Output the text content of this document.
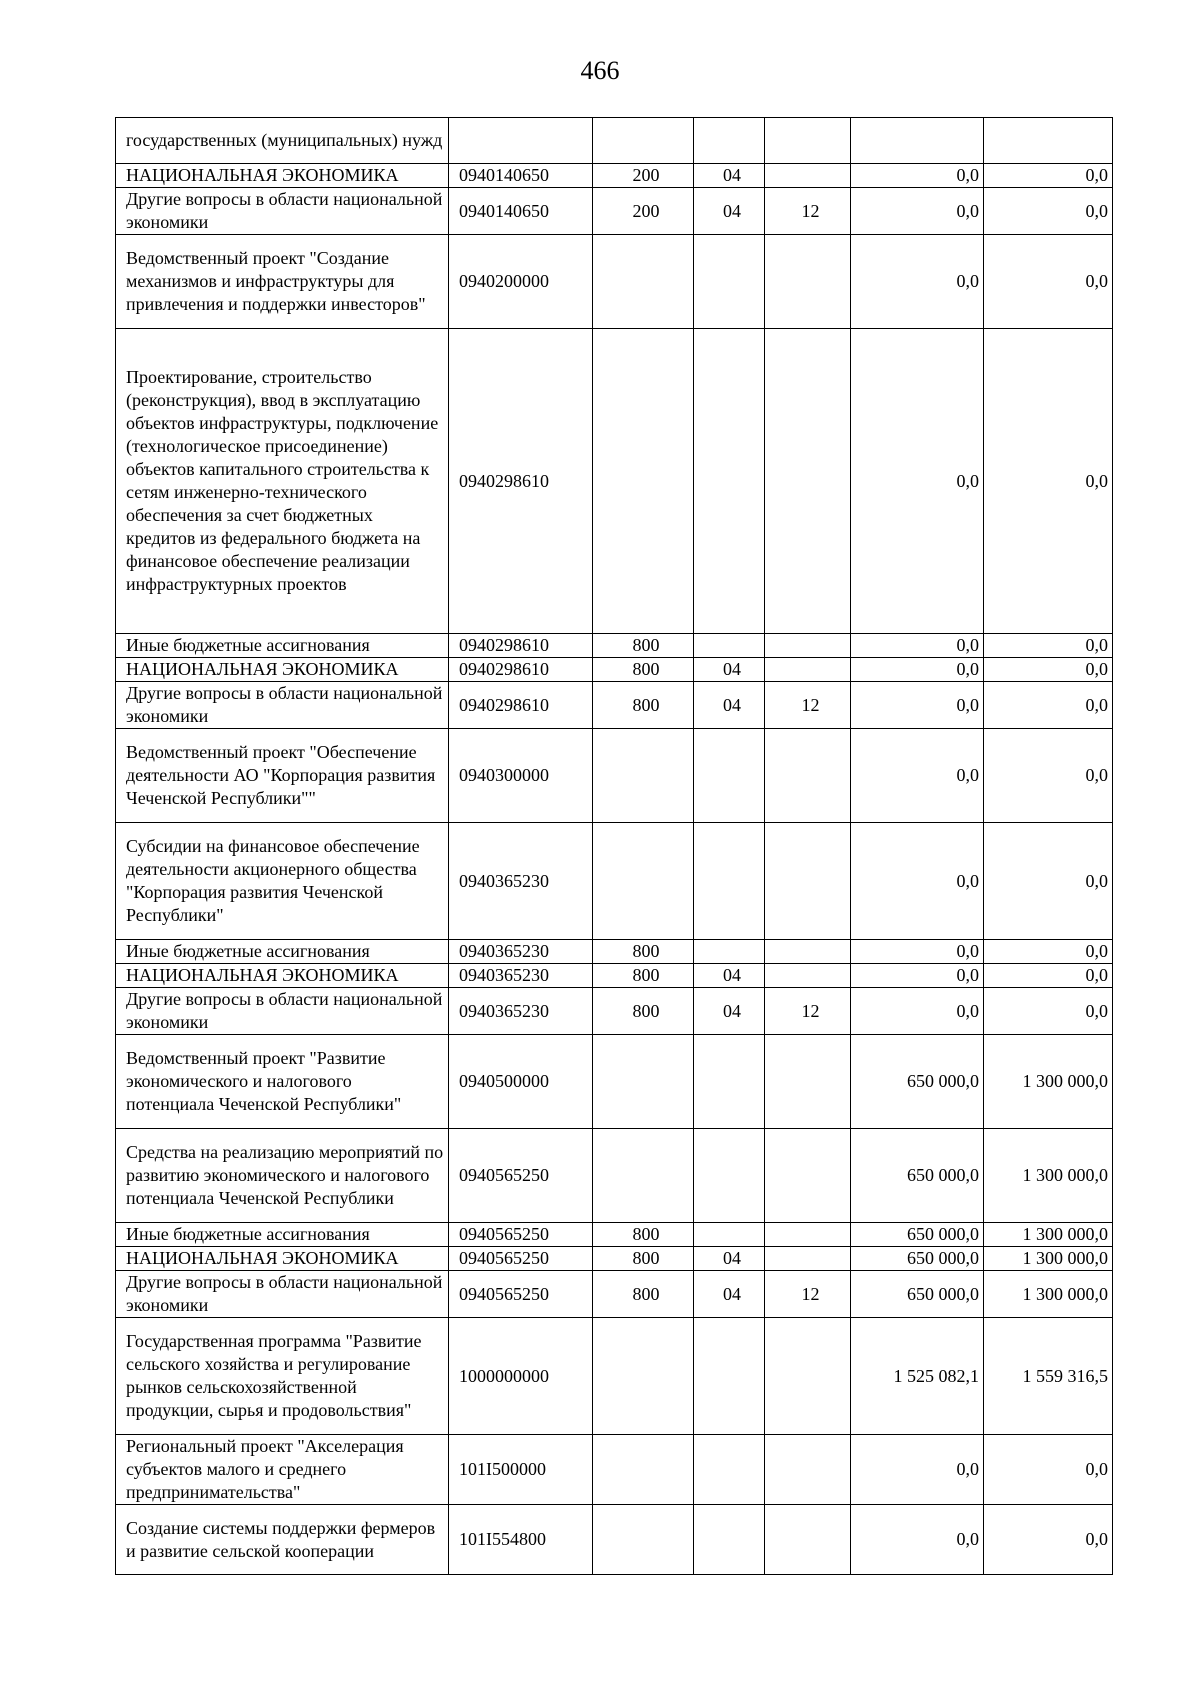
466
государственных (муниципальных) нужд						
НАЦИОНАЛЬНАЯ ЭКОНОМИКА	0940140650	200	04		0,0	0,0
Другие вопросы в области национальной экономики	0940140650	200	04	12	0,0	0,0
Ведомственный проект "Создание механизмов и инфраструктуры для привлечения и поддержки инвесторов"	0940200000				0,0	0,0
Проектирование, строительство (реконструкция), ввод в эксплуатацию объектов инфраструктуры, подключение (технологическое присоединение) объектов капитального строительства к сетям инженерно-технического обеспечения за счет бюджетных кредитов из федерального бюджета на финансовое обеспечение реализации инфраструктурных проектов	0940298610				0,0	0,0
Иные бюджетные ассигнования	0940298610	800			0,0	0,0
НАЦИОНАЛЬНАЯ ЭКОНОМИКА	0940298610	800	04		0,0	0,0
Другие вопросы в области национальной экономики	0940298610	800	04	12	0,0	0,0
Ведомственный проект "Обеспечение деятельности АО "Корпорация развития Чеченской Республики""	0940300000				0,0	0,0
Субсидии на финансовое обеспечение деятельности акционерного общества "Корпорация развития Чеченской Республики"	0940365230				0,0	0,0
Иные бюджетные ассигнования	0940365230	800			0,0	0,0
НАЦИОНАЛЬНАЯ ЭКОНОМИКА	0940365230	800	04		0,0	0,0
Другие вопросы в области национальной экономики	0940365230	800	04	12	0,0	0,0
Ведомственный проект "Развитие экономического и налогового потенциала Чеченской Республики"	0940500000				650 000,0	1 300 000,0
Средства на реализацию мероприятий по развитию экономического и налогового потенциала Чеченской Республики	0940565250				650 000,0	1 300 000,0
Иные бюджетные ассигнования	0940565250	800			650 000,0	1 300 000,0
НАЦИОНАЛЬНАЯ ЭКОНОМИКА	0940565250	800	04		650 000,0	1 300 000,0
Другие вопросы в области национальной экономики	0940565250	800	04	12	650 000,0	1 300 000,0
Государственная программа "Развитие сельского хозяйства и регулирование рынков сельскохозяйственной продукции, сырья и продовольствия"	1000000000				1 525 082,1	1 559 316,5
Региональный проект "Акселерация субъектов малого и среднего предпринимательства"	101I500000				0,0	0,0
Создание системы поддержки фермеров и развитие сельской кооперации	101I554800				0,0	0,0
